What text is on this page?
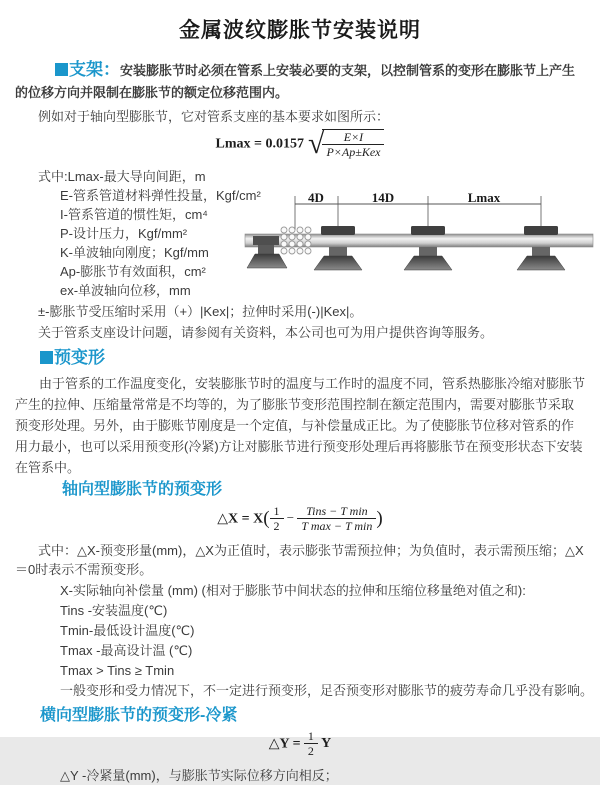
金属波纹膨胀节安装说明

支架：安装膨胀节时必须在管系上安装必要的支架，以控制管系的变形在膨胀节上产生的位移方向并限制在膨胀节的额定位移范围内。

例如对于轴向型膨胀节，它对管系支座的基本要求如图所示：

Lmax = 0.0157 √
$\frac{E\times I}{\text{P×Ap±Kex}}$
式中:Lmax-最大导向间距，m
E-管系管道材料弹性投量，Kgf/cm²
I-管系管道的惯性矩，cm⁴
P-设计压力，Kgf/mm²
K-单波轴向刚度；Kgf/mm
Ap-膨胀节有效面积，cm²
ex-单波轴向位移，mm
4D	14D	Lmax
±-膨胀节受压缩时采用（+）|Kex|；拉伸时采用(-)|Kex|。
关于管系支座设计问题，请参阅有关资料，本公司也可为用户提供咨询等服务。
预变形

由于管系的工作温度变化，安装膨胀节时的温度与工作时的温度不同，管系热膨胀冷缩对膨胀节产生的拉伸、压缩量常常是不均等的，为了膨胀节变形范围控制在额定范围内，需要对膨胀节采取预变形处理。另外，由于膨账节刚度是一个定值，与补偿量成正比。为了使膨胀节位移对管系的作用力最小，也可以采用预变形(冷紧)方让对膨胀节进行预变形处理后再将膨胀节在预变形状态下安装在管系中。

轴向型膨胀节的预变形
△X = $X( \frac{1}{2} - \frac{\text{Tins − T min}}{\text{T max − T min}}$ )

式中：△X-预变形量(mm)，△X为正值时，表示膨张节需预拉伸；为负值时，表示需预压缩；△X＝0时表示不需预变形。

X-实际轴向补偿量 (mm) (相对于膨胀节中间状态的拉伸和压缩位移量绝对值之和):
Tins -安装温度(℃)
Tmin-最低设计温度(℃)
Tmax -最高设计温 (℃)
Tmax > Tins ≥ Tmin
一般变形和受力情况下，不一定进行预变形，足否预变形对膨胀节的疲劳寿命几乎没有影响。
横向型膨胀节的预变形-冷紧
△Y = $\frac{1}{2}$ Y
△Y -冷紧量(mm)，与膨胀节实际位移方向相反；
